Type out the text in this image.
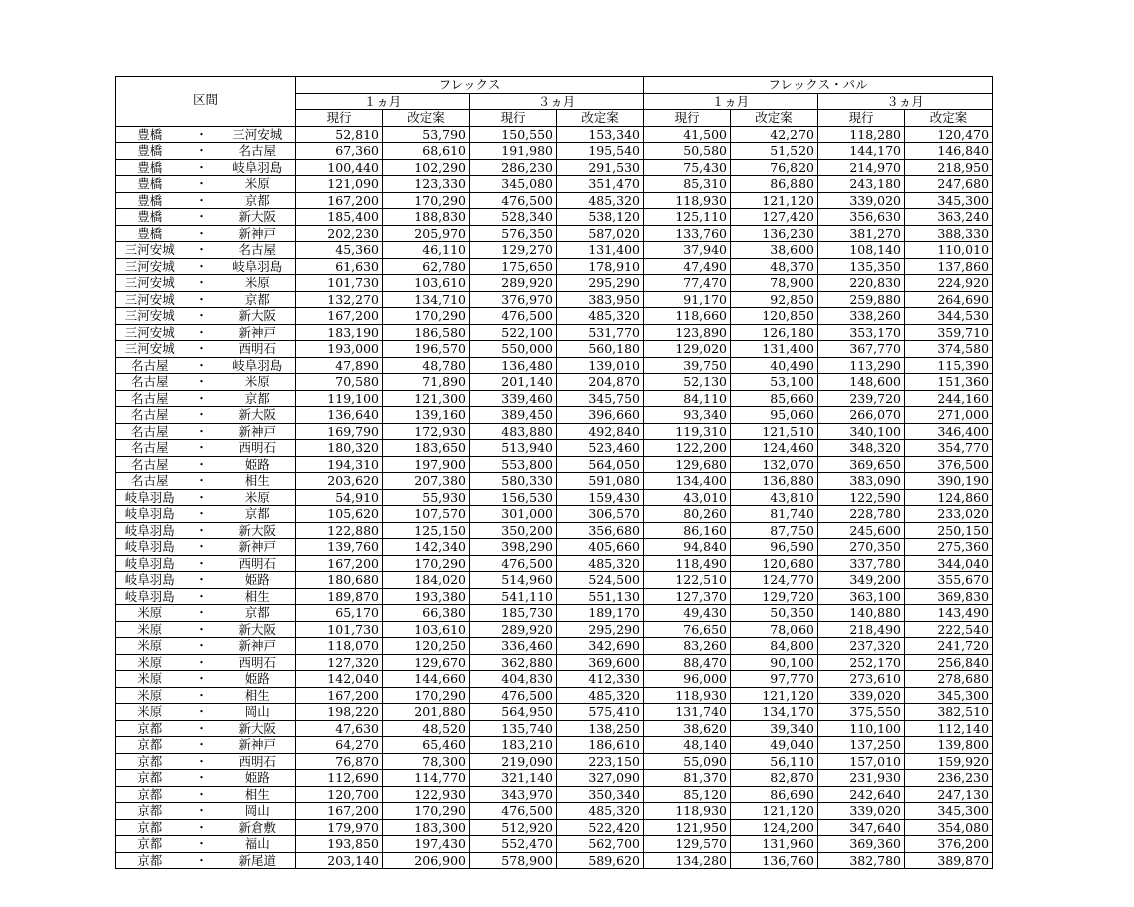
区間			フレックス				フレックス・パル			
			１ヵ月		３ヵ月		１ヵ月		３ヵ月	
			現行	改定案	現行	改定案	現行	改定案	現行	改定案
豊橋	・	三河安城	52,810	53,790	150,550	153,340	41,500	42,270	118,280	120,470
豊橋	・	名古屋	67,360	68,610	191,980	195,540	50,580	51,520	144,170	146,840
豊橋	・	岐阜羽島	100,440	102,290	286,230	291,530	75,430	76,820	214,970	218,950
豊橋	・	米原	121,090	123,330	345,080	351,470	85,310	86,880	243,180	247,680
豊橋	・	京都	167,200	170,290	476,500	485,320	118,930	121,120	339,020	345,300
豊橋	・	新大阪	185,400	188,830	528,340	538,120	125,110	127,420	356,630	363,240
豊橋	・	新神戸	202,230	205,970	576,350	587,020	133,760	136,230	381,270	388,330
三河安城	・	名古屋	45,360	46,110	129,270	131,400	37,940	38,600	108,140	110,010
三河安城	・	岐阜羽島	61,630	62,780	175,650	178,910	47,490	48,370	135,350	137,860
三河安城	・	米原	101,730	103,610	289,920	295,290	77,470	78,900	220,830	224,920
三河安城	・	京都	132,270	134,710	376,970	383,950	91,170	92,850	259,880	264,690
三河安城	・	新大阪	167,200	170,290	476,500	485,320	118,660	120,850	338,260	344,530
三河安城	・	新神戸	183,190	186,580	522,100	531,770	123,890	126,180	353,170	359,710
三河安城	・	西明石	193,000	196,570	550,000	560,180	129,020	131,400	367,770	374,580
名古屋	・	岐阜羽島	47,890	48,780	136,480	139,010	39,750	40,490	113,290	115,390
名古屋	・	米原	70,580	71,890	201,140	204,870	52,130	53,100	148,600	151,360
名古屋	・	京都	119,100	121,300	339,460	345,750	84,110	85,660	239,720	244,160
名古屋	・	新大阪	136,640	139,160	389,450	396,660	93,340	95,060	266,070	271,000
名古屋	・	新神戸	169,790	172,930	483,880	492,840	119,310	121,510	340,100	346,400
名古屋	・	西明石	180,320	183,650	513,940	523,460	122,200	124,460	348,320	354,770
名古屋	・	姫路	194,310	197,900	553,800	564,050	129,680	132,070	369,650	376,500
名古屋	・	相生	203,620	207,380	580,330	591,080	134,400	136,880	383,090	390,190
岐阜羽島	・	米原	54,910	55,930	156,530	159,430	43,010	43,810	122,590	124,860
岐阜羽島	・	京都	105,620	107,570	301,000	306,570	80,260	81,740	228,780	233,020
岐阜羽島	・	新大阪	122,880	125,150	350,200	356,680	86,160	87,750	245,600	250,150
岐阜羽島	・	新神戸	139,760	142,340	398,290	405,660	94,840	96,590	270,350	275,360
岐阜羽島	・	西明石	167,200	170,290	476,500	485,320	118,490	120,680	337,780	344,040
岐阜羽島	・	姫路	180,680	184,020	514,960	524,500	122,510	124,770	349,200	355,670
岐阜羽島	・	相生	189,870	193,380	541,110	551,130	127,370	129,720	363,100	369,830
米原	・	京都	65,170	66,380	185,730	189,170	49,430	50,350	140,880	143,490
米原	・	新大阪	101,730	103,610	289,920	295,290	76,650	78,060	218,490	222,540
米原	・	新神戸	118,070	120,250	336,460	342,690	83,260	84,800	237,320	241,720
米原	・	西明石	127,320	129,670	362,880	369,600	88,470	90,100	252,170	256,840
米原	・	姫路	142,040	144,660	404,830	412,330	96,000	97,770	273,610	278,680
米原	・	相生	167,200	170,290	476,500	485,320	118,930	121,120	339,020	345,300
米原	・	岡山	198,220	201,880	564,950	575,410	131,740	134,170	375,550	382,510
京都	・	新大阪	47,630	48,520	135,740	138,250	38,620	39,340	110,100	112,140
京都	・	新神戸	64,270	65,460	183,210	186,610	48,140	49,040	137,250	139,800
京都	・	西明石	76,870	78,300	219,090	223,150	55,090	56,110	157,010	159,920
京都	・	姫路	112,690	114,770	321,140	327,090	81,370	82,870	231,930	236,230
京都	・	相生	120,700	122,930	343,970	350,340	85,120	86,690	242,640	247,130
京都	・	岡山	167,200	170,290	476,500	485,320	118,930	121,120	339,020	345,300
京都	・	新倉敷	179,970	183,300	512,920	522,420	121,950	124,200	347,640	354,080
京都	・	福山	193,850	197,430	552,470	562,700	129,570	131,960	369,360	376,200
京都	・	新尾道	203,140	206,900	578,900	589,620	134,280	136,760	382,780	389,870
